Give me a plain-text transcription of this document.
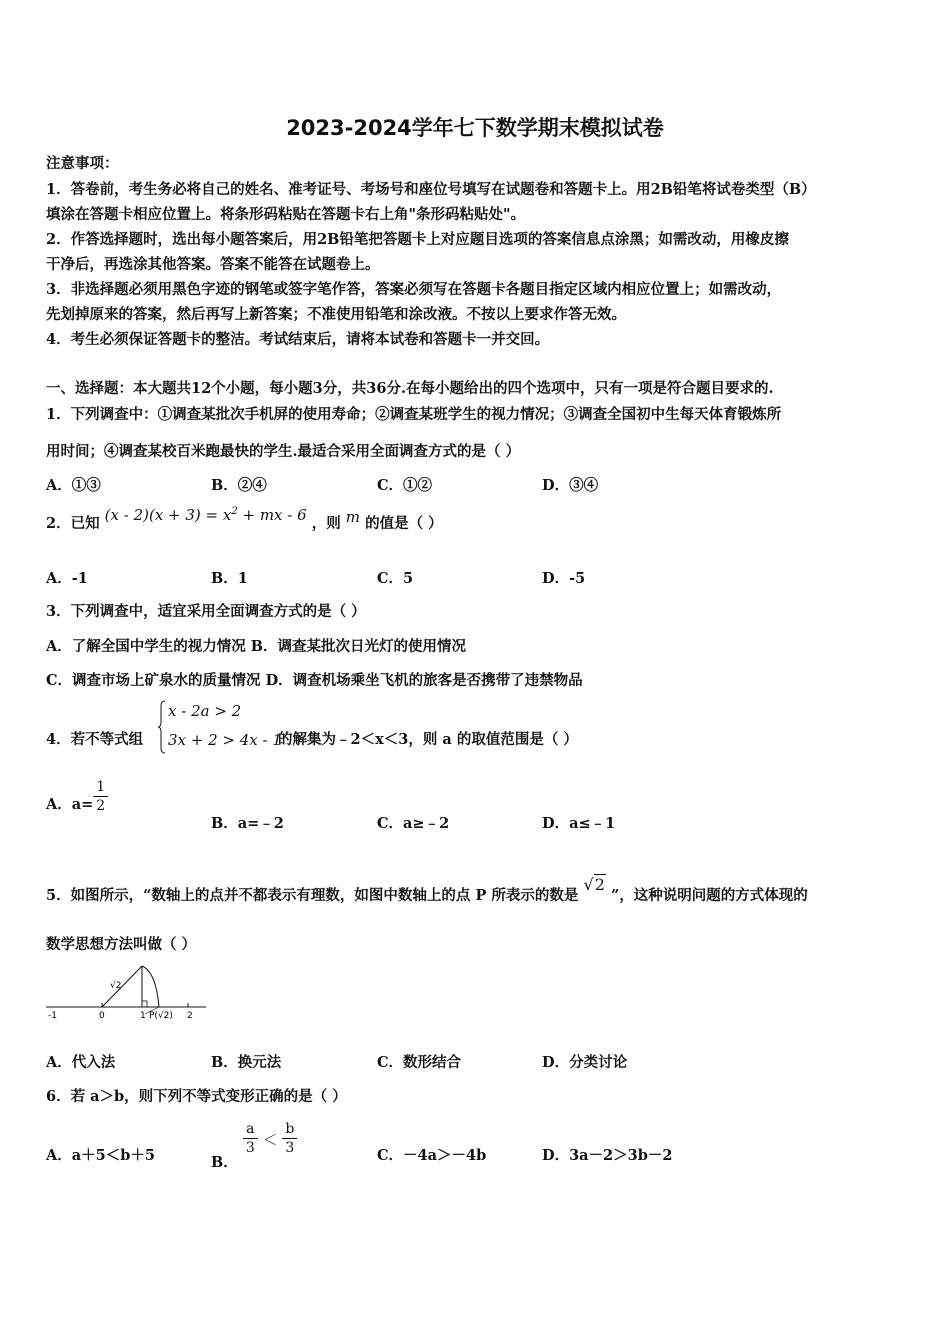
2023-2024学年七下数学期末模拟试卷
注意事项：
1．答卷前，考生务必将自己的姓名、准考证号、考场号和座位号填写在试题卷和答题卡上。用2B铅笔将试卷类型（B）
填涂在答题卡相应位置上。将条形码粘贴在答题卡右上角"条形码粘贴处"。
2．作答选择题时，选出每小题答案后，用2B铅笔把答题卡上对应题目选项的答案信息点涂黑；如需改动，用橡皮擦
干净后，再选涂其他答案。答案不能答在试题卷上。
3．非选择题必须用黑色字迹的钢笔或签字笔作答，答案必须写在答题卡各题目指定区域内相应位置上；如需改动，
先划掉原来的答案，然后再写上新答案；不准使用铅笔和涂改液。不按以上要求作答无效。
4．考生必须保证答题卡的整洁。考试结束后，请将本试卷和答题卡一并交回。
一、选择题：本大题共12个小题，每小题3分，共36分.在每小题给出的四个选项中，只有一项是符合题目要求的.
1．下列调查中：①调查某批次手机屏的使用寿命；②调查某班学生的视力情况；③调查全国初中生每天体育锻炼所
用时间；④调查某校百米跑最快的学生.最适合采用全面调查方式的是（ ）
A．①③	B．②④	C．①②	D．③④
2．已知 $(x - 2)(x + 3) = x^2$ + mx - 6 ，则 m 的值是（ ）
A．-1	B．1	C．5	D．-5
3．下列调查中，适宜采用全面调查方式的是（ ）
A．了解全国中学生的视力情况 B．调查某批次日光灯的使用情况
C．调查市场上矿泉水的质量情况 D．调查机场乘坐飞机的旅客是否携带了违禁物品
4．若不等式组
x - 2a > 2
3x + 2 > 4x - 1
的解集为﹣2＜x＜3，则 a 的取值范围是（ ）
A．$a= \frac{1}{2}$
B．a=﹣2	C．a≥﹣2	D．a≤﹣1
5．如图所示，“数轴上的点并不都表示有理数，如图中数轴上的点 P 所表示的数是 √2 ”，这种说明问题的方式体现的
数学思想方法叫做（ ）
-1	0	1	2
√2
P(√2)
A．代入法	B．换元法	C．数形结合	D．分类讨论
6．若 a＞b，则下列不等式变形正确的是（ ）
A．a＋5＜b＋5	B．
$\frac{a}{3} < \frac{b}{3}$	C．－4a＞－4b	D．3a－2＞3b－2
